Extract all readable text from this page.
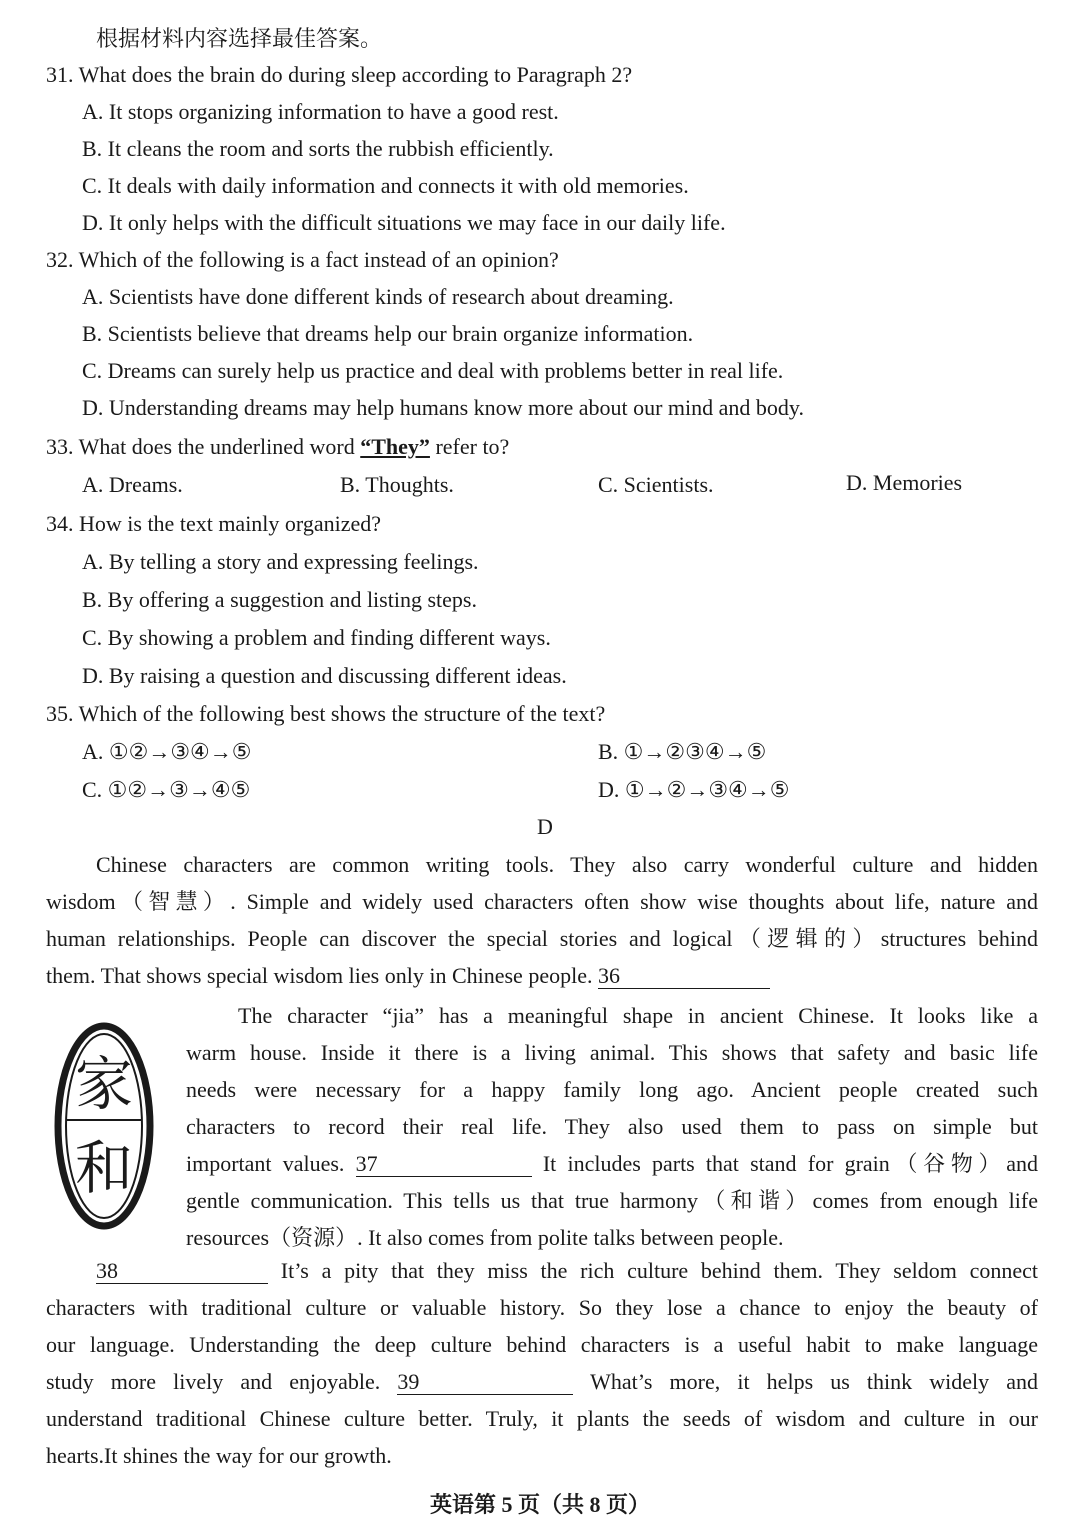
根据材料内容选择最佳答案。
31. What does the brain do during sleep according to Paragraph 2?
A. It stops organizing information to have a good rest.
B. It cleans the room and sorts the rubbish efficiently.
C. It deals with daily information and connects it with old memories.
D. It only helps with the difficult situations we may face in our daily life.
32. Which of the following is a fact instead of an opinion?
A. Scientists have done different kinds of research about dreaming.
B. Scientists believe that dreams help our brain organize information.
C. Dreams can surely help us practice and deal with problems better in real life.
D. Understanding dreams may help humans know more about our mind and body.
33. What does the underlined word “They” refer to?
A. Dreams.	B. Thoughts.	C. Scientists.	D. Memories
34. How is the text mainly organized?
A. By telling a story and expressing feelings.
B. By offering a suggestion and listing steps.
C. By showing a problem and finding different ways.
D. By raising a question and discussing different ideas.
35. Which of the following best shows the structure of the text?
A. ①②→③④→⑤	B. ①→②③④→⑤
C. ①②→③→④⑤	D. ①→②→③④→⑤
D
Chinese characters are common writing tools. They also carry wonderful culture and hidden
wisdom（智慧）. Simple and widely used characters often show wise thoughts about life, nature and
human relationships. People can discover the special stories and logical（逻辑的）structures behind
them. That shows special wisdom lies only in Chinese people. 36
家
和
The character “jia” has a meaningful shape in ancient Chinese. It looks like a
warm house. Inside it there is a living animal. This shows that safety and basic life
needs were necessary for a happy family long ago. Ancient people created such
characters to record their real life. They also used them to pass on simple but
important values. 37	It includes parts that stand for grain（谷物）and
gentle communication. This tells us that true harmony（和谐）comes from enough life
resources（资源）. It also comes from polite talks between people.
38	It’s a pity that they miss the rich culture behind them. They seldom connect
characters with traditional culture or valuable history. So they lose a chance to enjoy the beauty of
our language. Understanding the deep culture behind characters is a useful habit to make language
study more lively and enjoyable. 39	What’s more, it helps us think widely and
understand traditional Chinese culture better. Truly, it plants the seeds of wisdom and culture in our
hearts.It shines the way for our growth.
英语第 5 页（共 8 页）
